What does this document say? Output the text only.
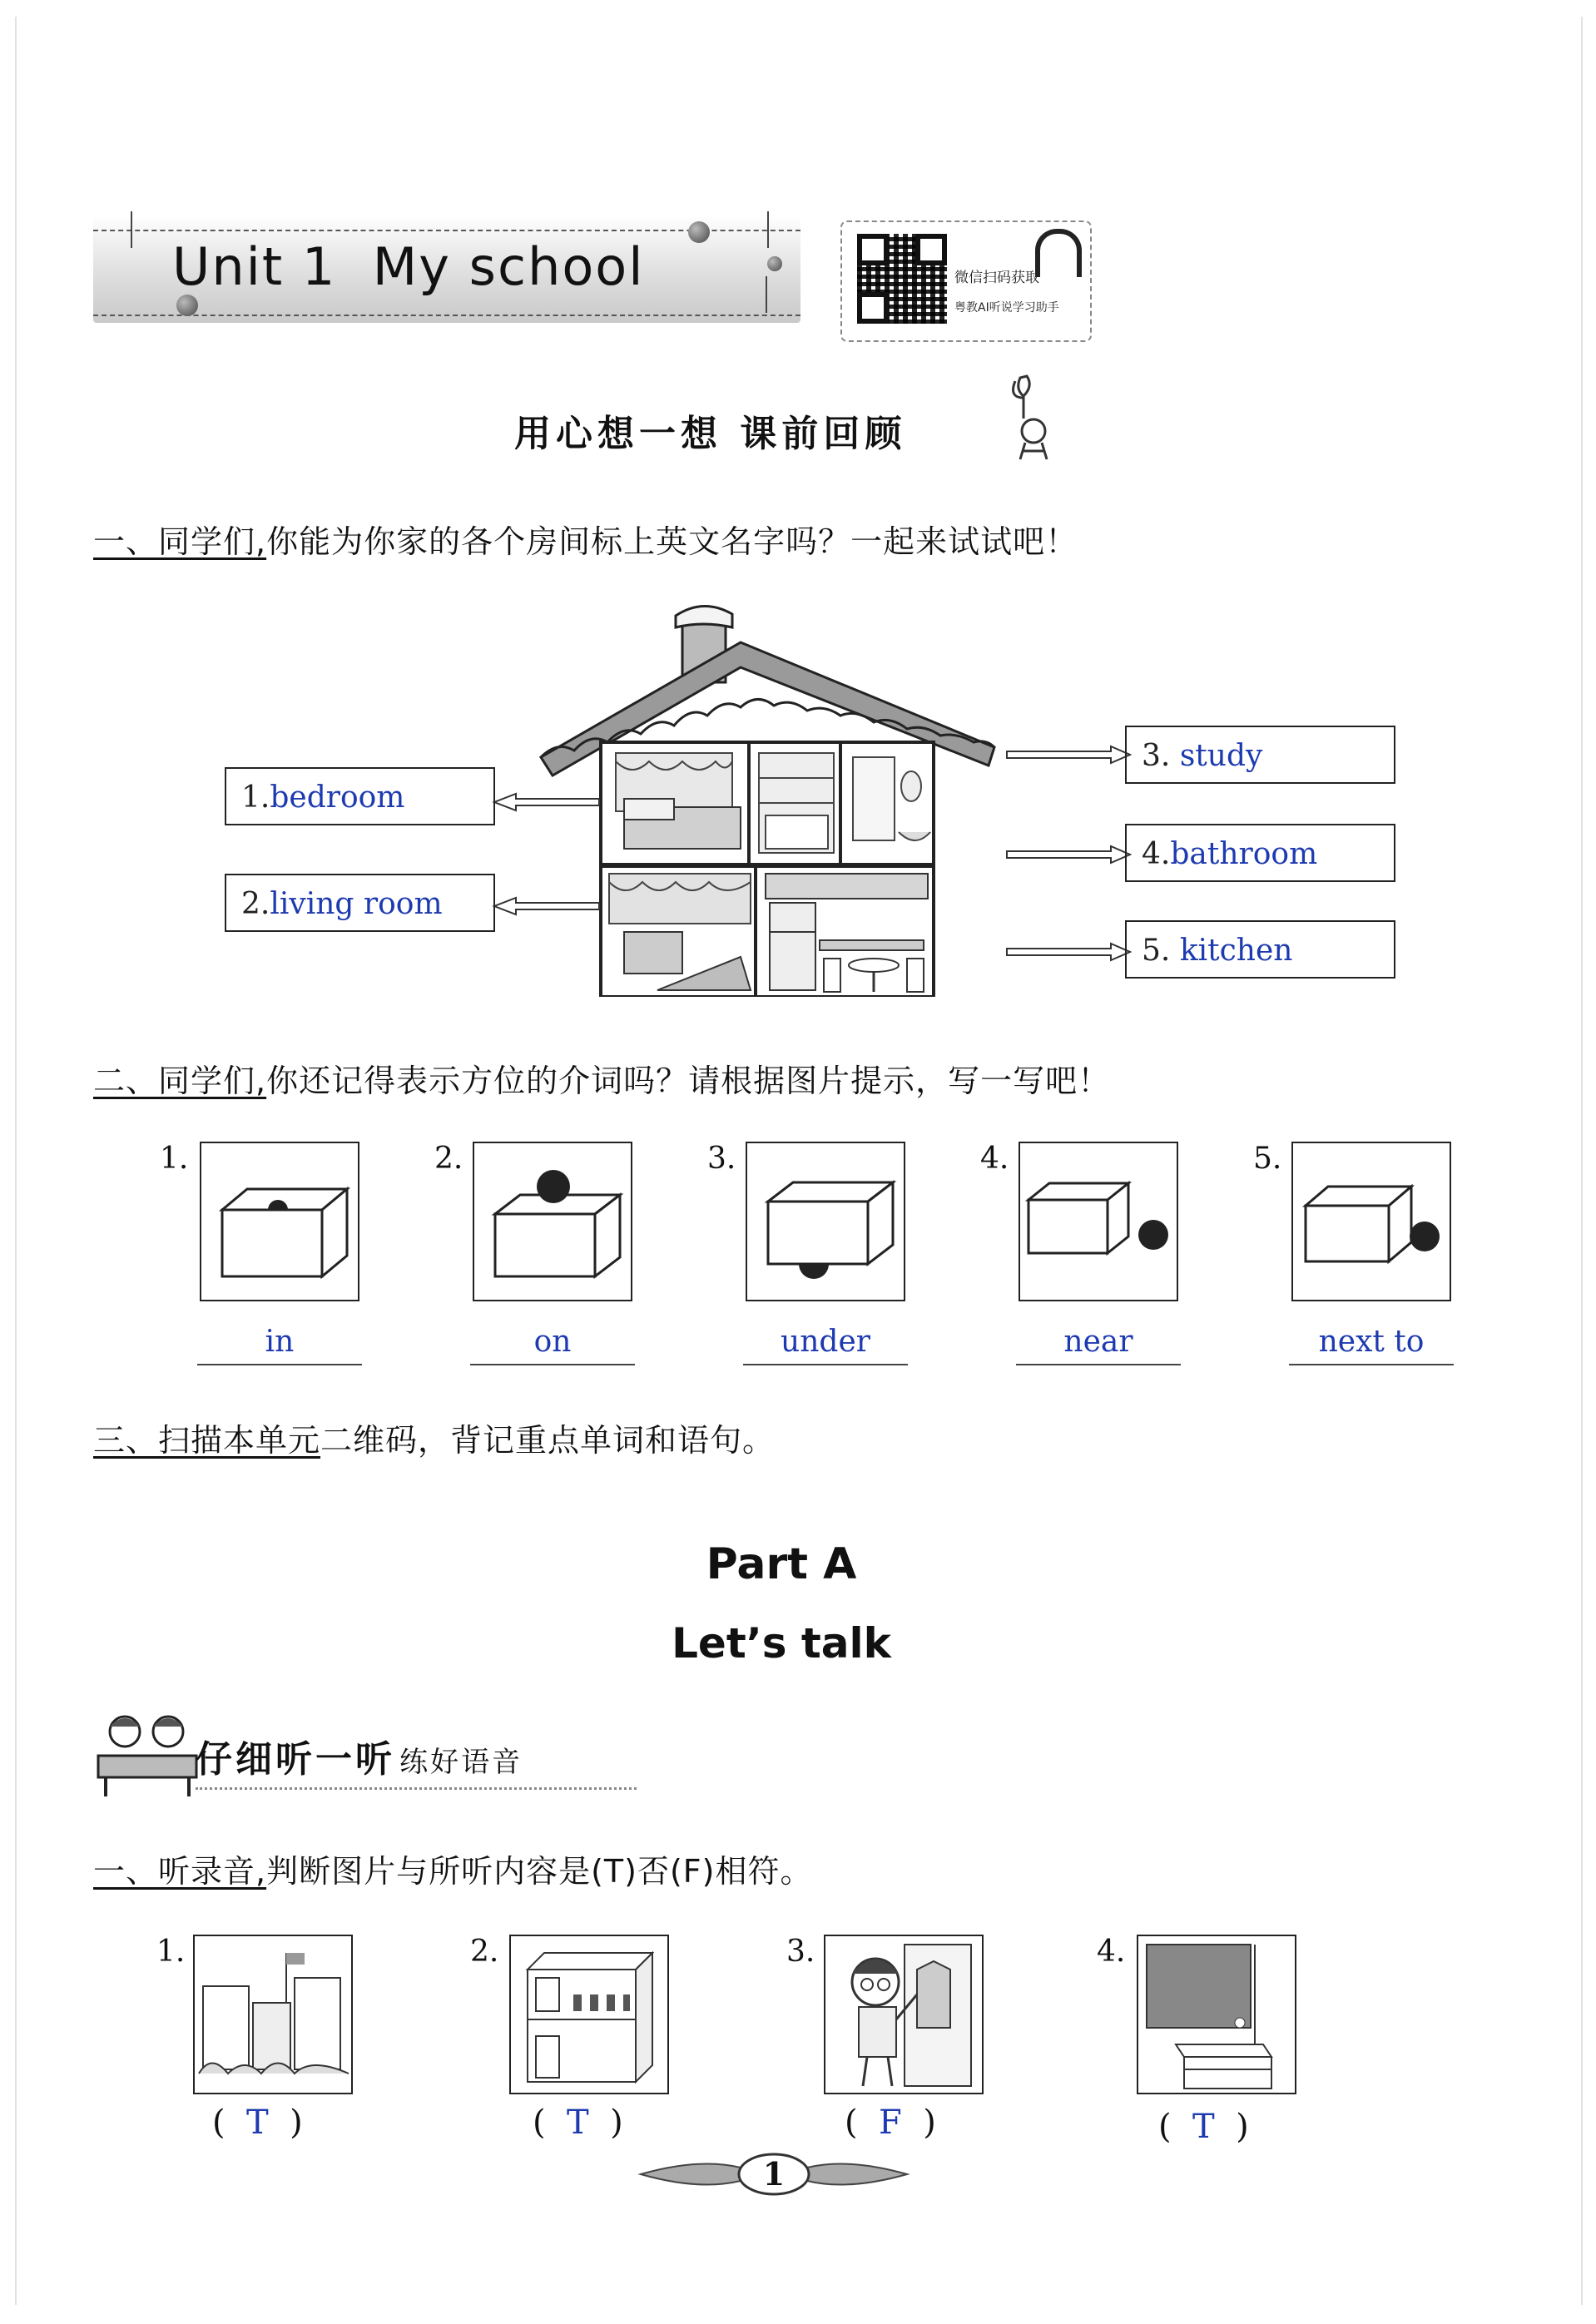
Unit 1  My school	微信扫码获取
粤教AI听说学习助手
用心想一想 课前回顾
一、同学们,你能为你家的各个房间标上英文名字吗？一起来试试吧！
1.bedroom
2.living room
3. study
4.bathroom
5. kitchen
二、同学们,你还记得表示方位的介词吗？请根据图片提示，写一写吧！
1.
in
2.
on
3.
under
4.
near
5.
next to
三、扫描本单元二维码，背记重点单词和语句。
Part A
Let’s talk
仔细听一听 练好语音
一、听录音,判断图片与所听内容是(T)否(F)相符。
1.
(  T  )
2.
(  T  )
3.
(  F  )
4.
(  T  )
1
